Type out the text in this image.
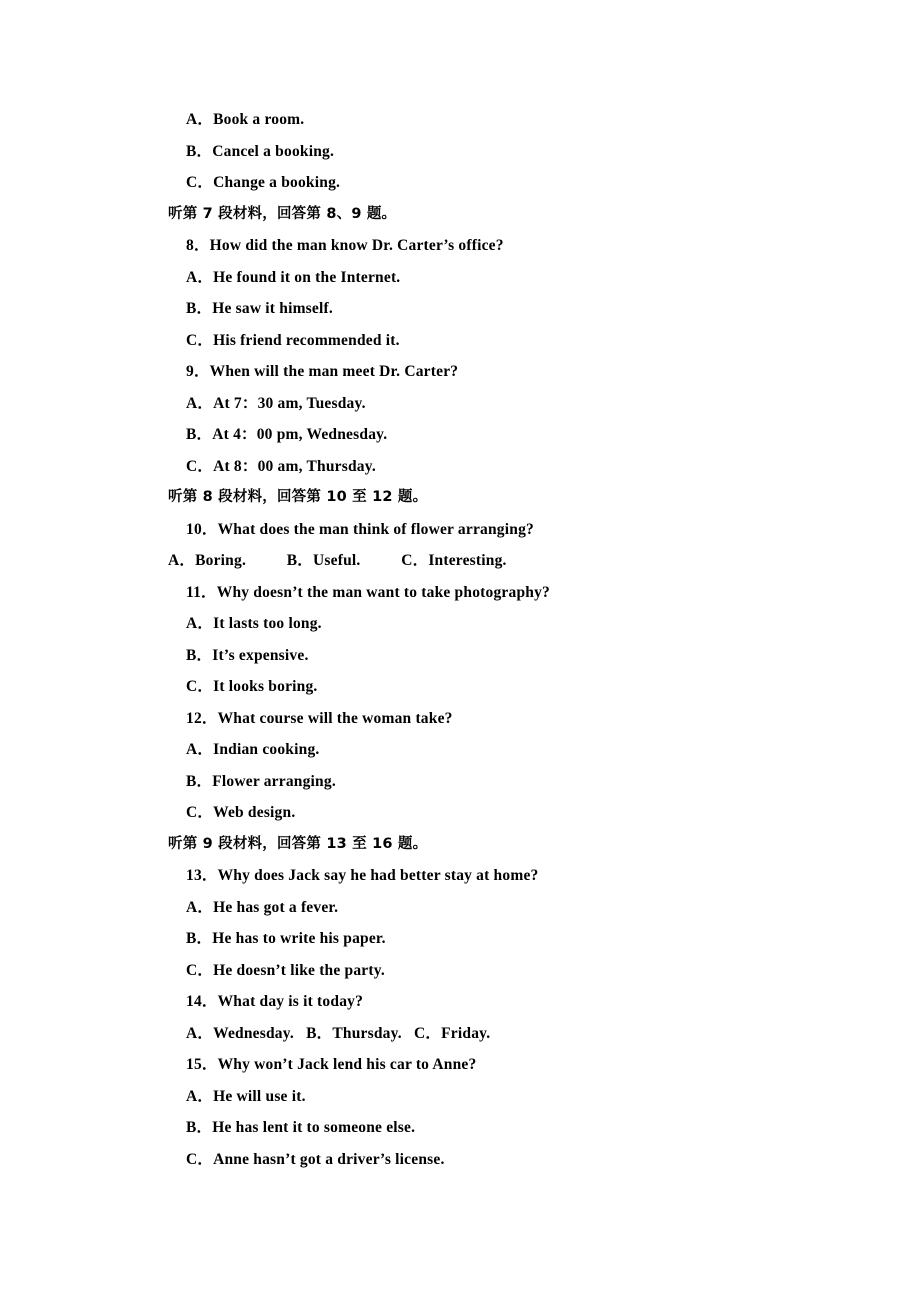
A．Book a room.
B．Cancel a booking.
C．Change a booking.
听第 7 段材料，回答第 8、9 题。
8．How did the man know Dr. Carter’s office?
A．He found it on the Internet.
B．He saw it himself.
C．His friend recommended it.
9．When will the man meet Dr. Carter?
A．At 7：30 am, Tuesday.
B．At 4：00 pm, Wednesday.
C．At 8：00 am, Thursday.
听第 8 段材料，回答第 10 至 12 题。
10．What does the man think of flower arranging?
A．Boring.          B．Useful.          C．Interesting.
11．Why doesn’t the man want to take photography?
A．It lasts too long.
B．It’s expensive.
C．It looks boring.
12．What course will the woman take?
A．Indian cooking.
B．Flower arranging.
C．Web design.
听第 9 段材料，回答第 13 至 16 题。
13．Why does Jack say he had better stay at home?
A．He has got a fever.
B．He has to write his paper.
C．He doesn’t like the party.
14．What day is it today?
A．Wednesday.   B．Thursday.   C．Friday.
15．Why won’t Jack lend his car to Anne?
A．He will use it.
B．He has lent it to someone else.
C．Anne hasn’t got a driver’s license.
